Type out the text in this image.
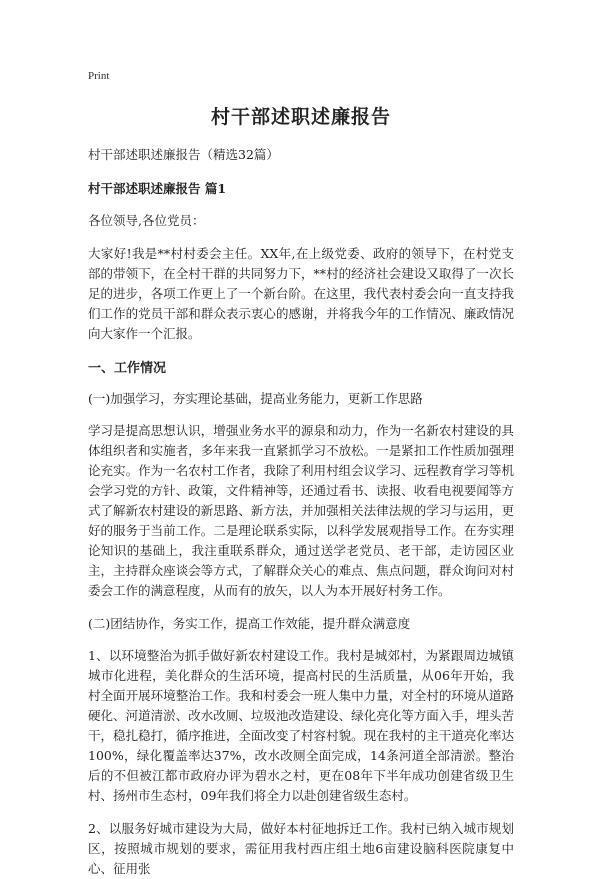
Print
村干部述职述廉报告
村干部述职述廉报告（精选32篇）
村干部述职述廉报告 篇1
各位领导,各位党员：
大家好!我是**村村委会主任。XX年,在上级党委、政府的领导下，在村党支部的带领下，在全村干群的共同努力下，**村的经济社会建设又取得了一次长足的进步，各项工作更上了一个新台阶。在这里，我代表村委会向一直支持我们工作的党员干部和群众表示衷心的感谢，并将我今年的工作情况、廉政情况向大家作一个汇报。
一、工作情况
(一)加强学习，夯实理论基础，提高业务能力，更新工作思路
学习是提高思想认识，增强业务水平的源泉和动力，作为一名新农村建设的具体组织者和实施者，多年来我一直紧抓学习不放松。一是紧扣工作性质加强理论充实。作为一名农村工作者，我除了利用村组会议学习、远程教育学习等机会学习党的方针、政策，文件精神等，还通过看书、读报、收看电视要闻等方式了解新农村建设的新思路、新方法，并加强相关法律法规的学习与运用，更好的服务于当前工作。二是理论联系实际，以科学发展观指导工作。在夯实理论知识的基础上，我注重联系群众，通过送学老党员、老干部，走访园区业主，主持群众座谈会等方式，了解群众关心的难点、焦点问题，群众询问对村委会工作的满意程度，从而有的放矢，以人为本开展好村务工作。
(二)团结协作，务实工作，提高工作效能，提升群众满意度
1、以环境整治为抓手做好新农村建设工作。我村是城郊村，为紧跟周边城镇城市化进程，美化群众的生活环境，提高村民的生活质量，从06年开始，我村全面开展环境整治工作。我和村委会一班人集中力量，对全村的环境从道路硬化、河道清淤、改水改厕、垃圾池改造建设、绿化亮化等方面入手，埋头苦干，稳扎稳打，循序推进，全面改变了村容村貌。现在我村的主干道亮化率达100%，绿化覆盖率达37%，改水改厕全面完成，14条河道全部清淤。整治后的不但被江都市政府办评为碧水之村，更在08年下半年成功创建省级卫生村、扬州市生态村，09年我们将全力以赴创建省级生态村。
2、以服务好城市建设为大局，做好本村征地拆迁工作。我村已纳入城市规划区，按照城市规划的要求，需征用我村西庄组土地6亩建设脑科医院康复中心、征用张
